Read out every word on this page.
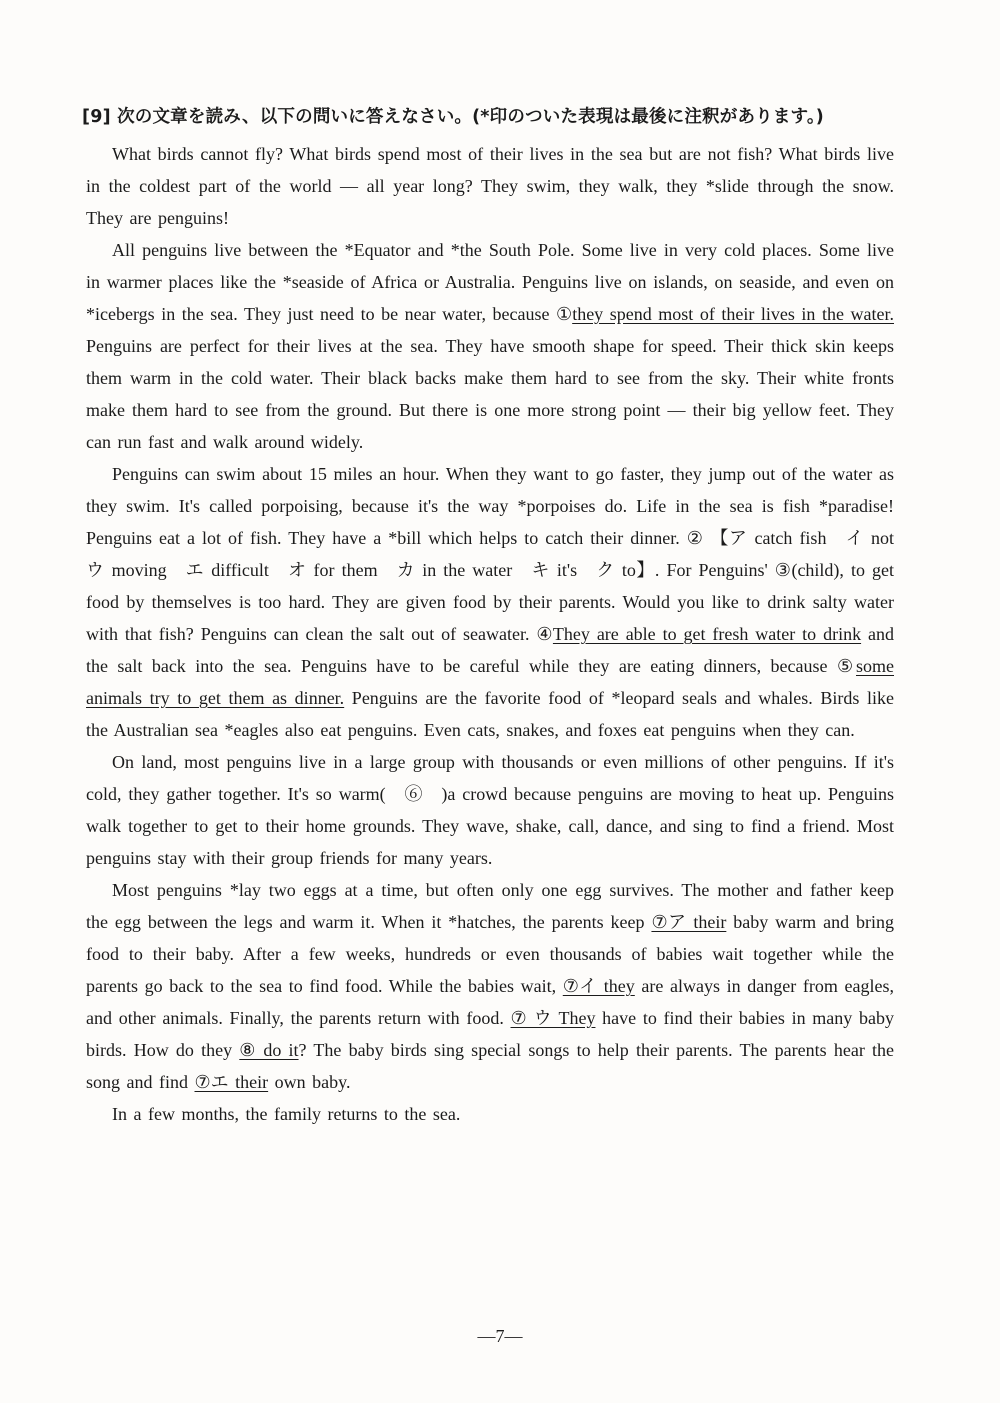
[9] 次の文章を読み、以下の問いに答えなさい。(*印のついた表現は最後に注釈があります。)

What birds cannot fly? What birds spend most of their lives in the sea but are not fish? What birds live in the coldest part of the world — all year long? They swim, they walk, they *slide through the snow. They are penguins!

All penguins live between the *Equator and *the South Pole. Some live in very cold places. Some live in warmer places like the *seaside of Africa or Australia. Penguins live on islands, on seaside, and even on *icebergs in the sea. They just need to be near water, because ①they spend most of their lives in the water. Penguins are perfect for their lives at the sea. They have smooth shape for speed. Their thick skin keeps them warm in the cold water. Their black backs make them hard to see from the sky. Their white fronts make them hard to see from the ground. But there is one more strong point — their big yellow feet. They can run fast and walk around widely.

Penguins can swim about 15 miles an hour. When they want to go faster, they jump out of the water as they swim. It's called porpoising, because it's the way *porpoises do. Life in the sea is fish *paradise! Penguins eat a lot of fish. They have a *bill which helps to catch their dinner. ② 【ア catch fish　イ not　ウ moving　エ difficult　オ for them　カ in the water　キ it's　ク to】. For Penguins' ③(child), to get food by themselves is too hard. They are given food by their parents. Would you like to drink salty water with that fish? Penguins can clean the salt out of seawater. ④They are able to get fresh water to drink and the salt back into the sea. Penguins have to be careful while they are eating dinners, because ⑤some animals try to get them as dinner. Penguins are the favorite food of *leopard seals and whales. Birds like the Australian sea *eagles also eat penguins. Even cats, snakes, and foxes eat penguins when they can.

On land, most penguins live in a large group with thousands or even millions of other penguins. If it's cold, they gather together. It's so warm(　⑥　)a crowd because penguins are moving to heat up. Penguins walk together to get to their home grounds. They wave, shake, call, dance, and sing to find a friend. Most penguins stay with their group friends for many years.

Most penguins *lay two eggs at a time, but often only one egg survives. The mother and father keep the egg between the legs and warm it. When it *hatches, the parents keep ⑦ア their baby warm and bring food to their baby. After a few weeks, hundreds or even thousands of babies wait together while the parents go back to the sea to find food. While the babies wait, ⑦イ they are always in danger from eagles, and other animals. Finally, the parents return with food. ⑦ ウ They have to find their babies in many baby birds. How do they ⑧ do it? The baby birds sing special songs to help their parents. The parents hear the song and find ⑦エ their own baby.

In a few months, the family returns to the sea.

—7—
